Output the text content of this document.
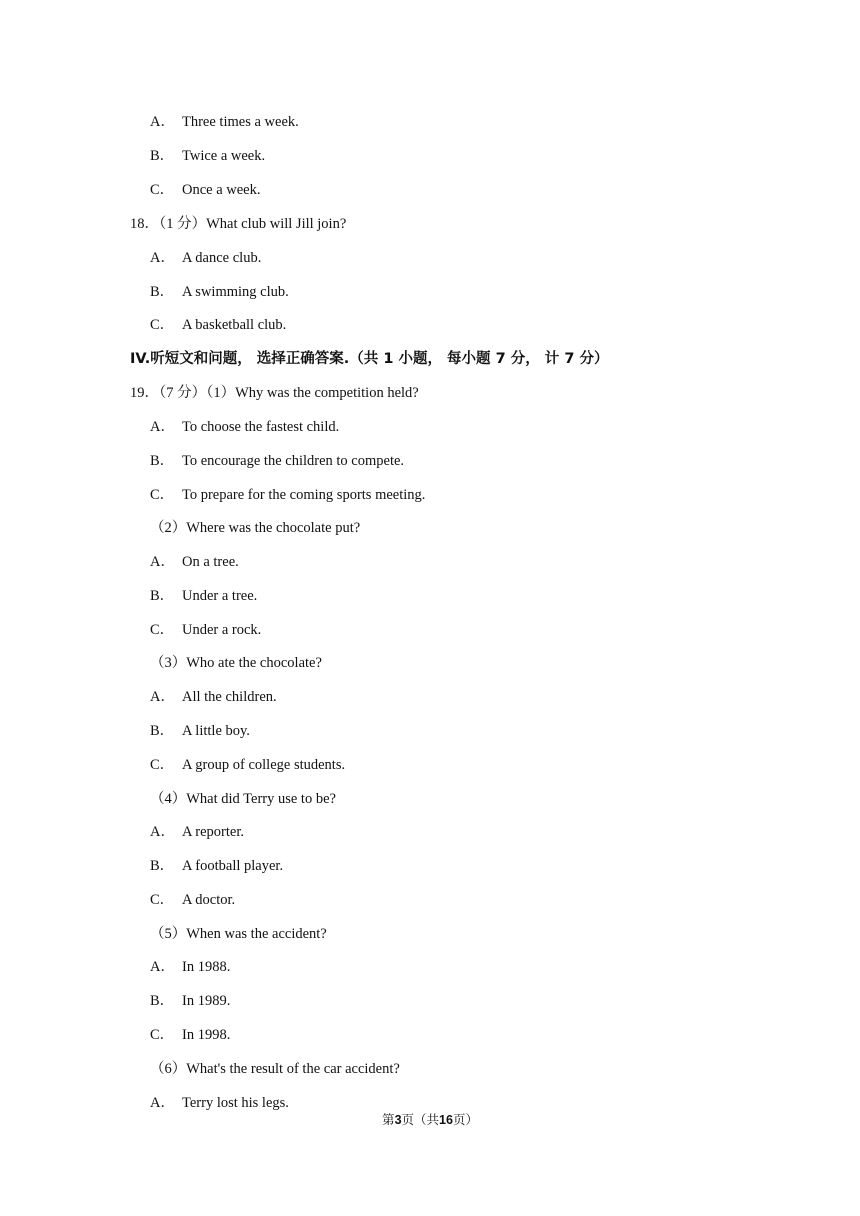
A． Three times a week.
B． Twice a week.
C． Once a week.
18．（1 分）What club will Jill join?
A． A dance club.
B． A swimming club.
C． A basketball club.
IV.听短文和问题， 选择正确答案.（共 1 小题， 每小题 7 分， 计 7 分）
19．（7 分）（1）Why was the competition held?
A． To choose the fastest child.
B． To encourage the children to compete.
C． To prepare for the coming sports meeting.
（2）Where was the chocolate put?
A． On a tree.
B． Under a tree.
C． Under a rock.
（3）Who ate the chocolate?
A． All the children.
B． A little boy.
C． A group of college students.
（4）What did Terry use to be?
A． A reporter.
B． A football player.
C． A doctor.
（5）When was the accident?
A． In 1988.
B． In 1989.
C． In 1998.
（6）What's the result of the car accident?
A． Terry lost his legs.
第3页（共16页）
